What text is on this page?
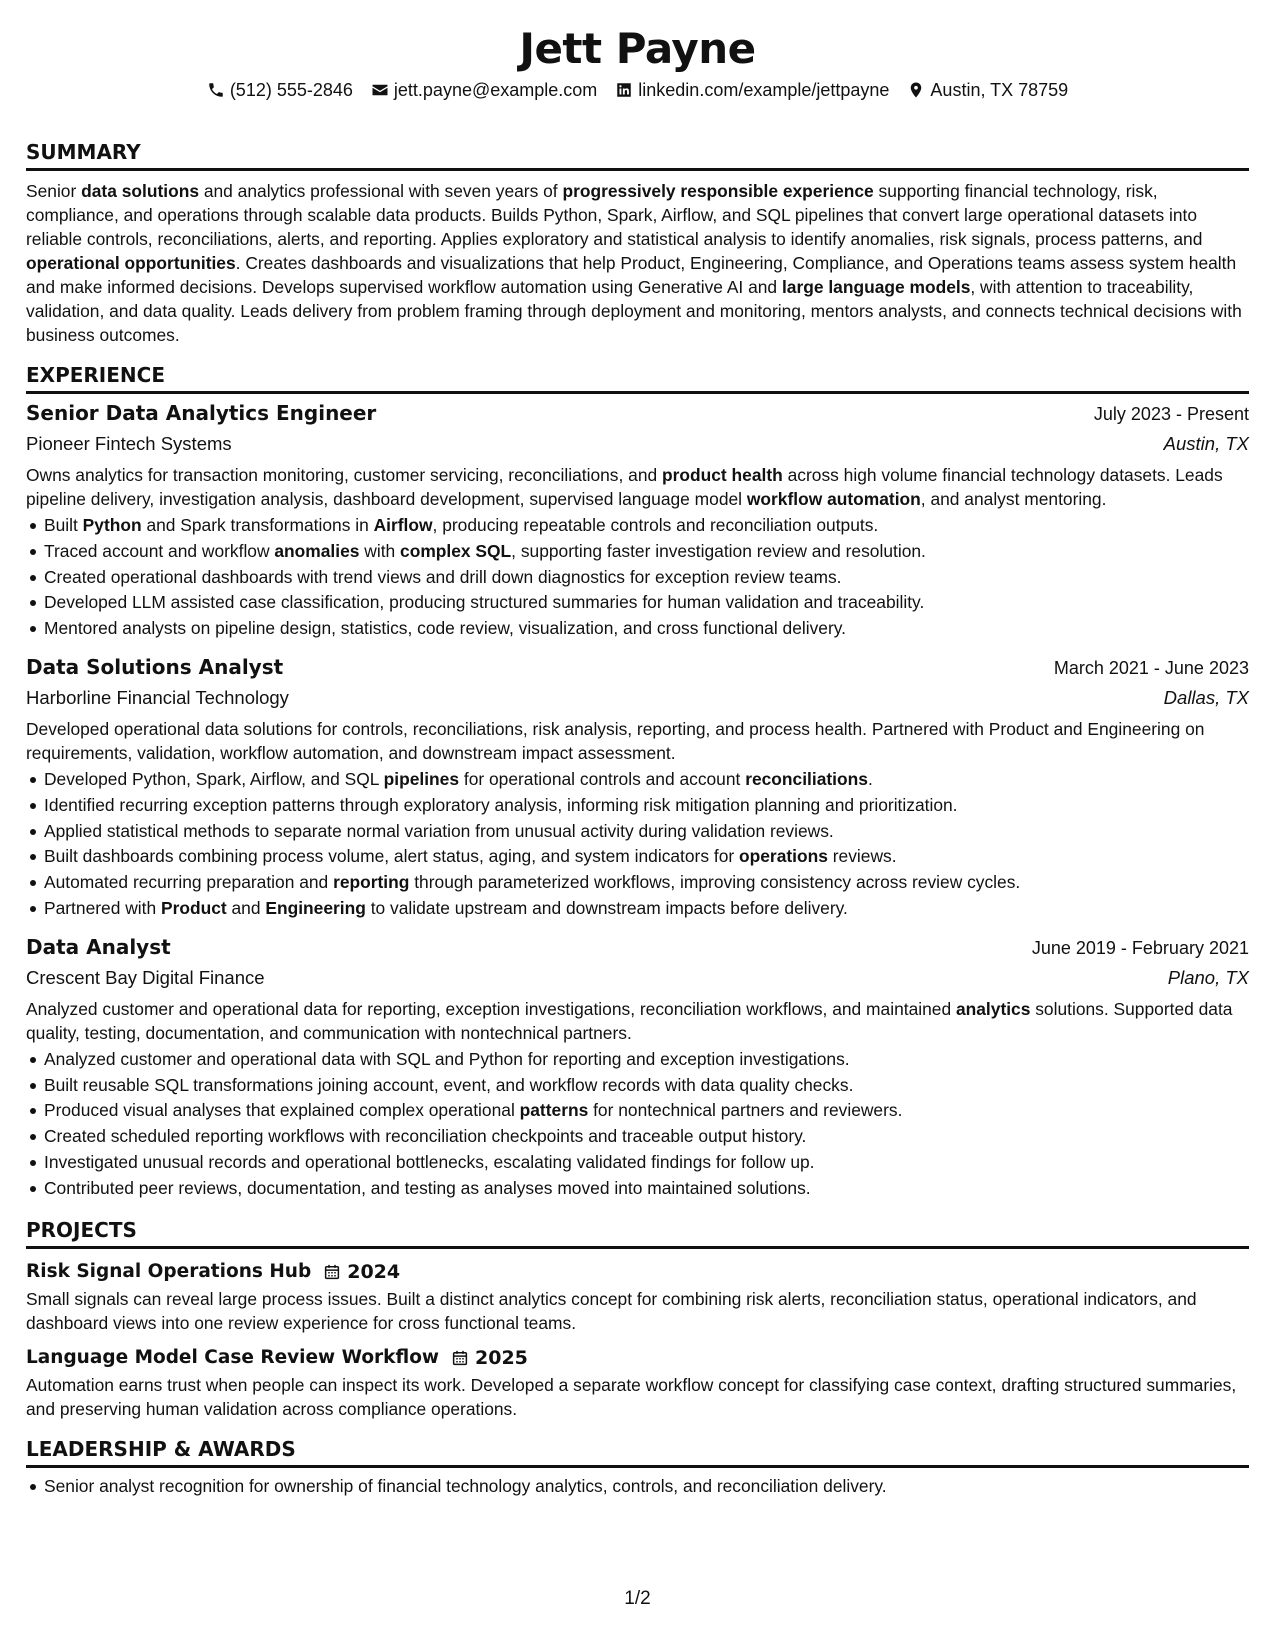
Jett Payne
(512) 555-2846 jett.payne@example.com linkedin.com/example/jettpayne Austin, TX 78759
SUMMARY
Senior data solutions and analytics professional with seven years of progressively responsible experience supporting financial technology, risk, compliance, and operations through scalable data products. Builds Python, Spark, Airflow, and SQL pipelines that convert large operational datasets into reliable controls, reconciliations, alerts, and reporting. Applies exploratory and statistical analysis to identify anomalies, risk signals, process patterns, and operational opportunities. Creates dashboards and visualizations that help Product, Engineering, Compliance, and Operations teams assess system health and make informed decisions. Develops supervised workflow automation using Generative AI and large language models, with attention to traceability, validation, and data quality. Leads delivery from problem framing through deployment and monitoring, mentors analysts, and connects technical decisions with business outcomes.
EXPERIENCE
Senior Data Analytics Engineer	July 2023 - Present
Pioneer Fintech Systems	Austin, TX
Owns analytics for transaction monitoring, customer servicing, reconciliations, and product health across high volume financial technology datasets. Leads pipeline delivery, investigation analysis, dashboard development, supervised language model workflow automation, and analyst mentoring.
Built Python and Spark transformations in Airflow, producing repeatable controls and reconciliation outputs.
Traced account and workflow anomalies with complex SQL, supporting faster investigation review and resolution.
Created operational dashboards with trend views and drill down diagnostics for exception review teams.
Developed LLM assisted case classification, producing structured summaries for human validation and traceability.
Mentored analysts on pipeline design, statistics, code review, visualization, and cross functional delivery.
Data Solutions Analyst	March 2021 - June 2023
Harborline Financial Technology	Dallas, TX
Developed operational data solutions for controls, reconciliations, risk analysis, reporting, and process health. Partnered with Product and Engineering on requirements, validation, workflow automation, and downstream impact assessment.
Developed Python, Spark, Airflow, and SQL pipelines for operational controls and account reconciliations.
Identified recurring exception patterns through exploratory analysis, informing risk mitigation planning and prioritization.
Applied statistical methods to separate normal variation from unusual activity during validation reviews.
Built dashboards combining process volume, alert status, aging, and system indicators for operations reviews.
Automated recurring preparation and reporting through parameterized workflows, improving consistency across review cycles.
Partnered with Product and Engineering to validate upstream and downstream impacts before delivery.
Data Analyst	June 2019 - February 2021
Crescent Bay Digital Finance	Plano, TX
Analyzed customer and operational data for reporting, exception investigations, reconciliation workflows, and maintained analytics solutions. Supported data quality, testing, documentation, and communication with nontechnical partners.
Analyzed customer and operational data with SQL and Python for reporting and exception investigations.
Built reusable SQL transformations joining account, event, and workflow records with data quality checks.
Produced visual analyses that explained complex operational patterns for nontechnical partners and reviewers.
Created scheduled reporting workflows with reconciliation checkpoints and traceable output history.
Investigated unusual records and operational bottlenecks, escalating validated findings for follow up.
Contributed peer reviews, documentation, and testing as analyses moved into maintained solutions.
PROJECTS
Risk Signal Operations Hub 2024
Small signals can reveal large process issues. Built a distinct analytics concept for combining risk alerts, reconciliation status, operational indicators, and dashboard views into one review experience for cross functional teams.
Language Model Case Review Workflow 2025
Automation earns trust when people can inspect its work. Developed a separate workflow concept for classifying case context, drafting structured summaries, and preserving human validation across compliance operations.
LEADERSHIP & AWARDS
Senior analyst recognition for ownership of financial technology analytics, controls, and reconciliation delivery.
1/2
